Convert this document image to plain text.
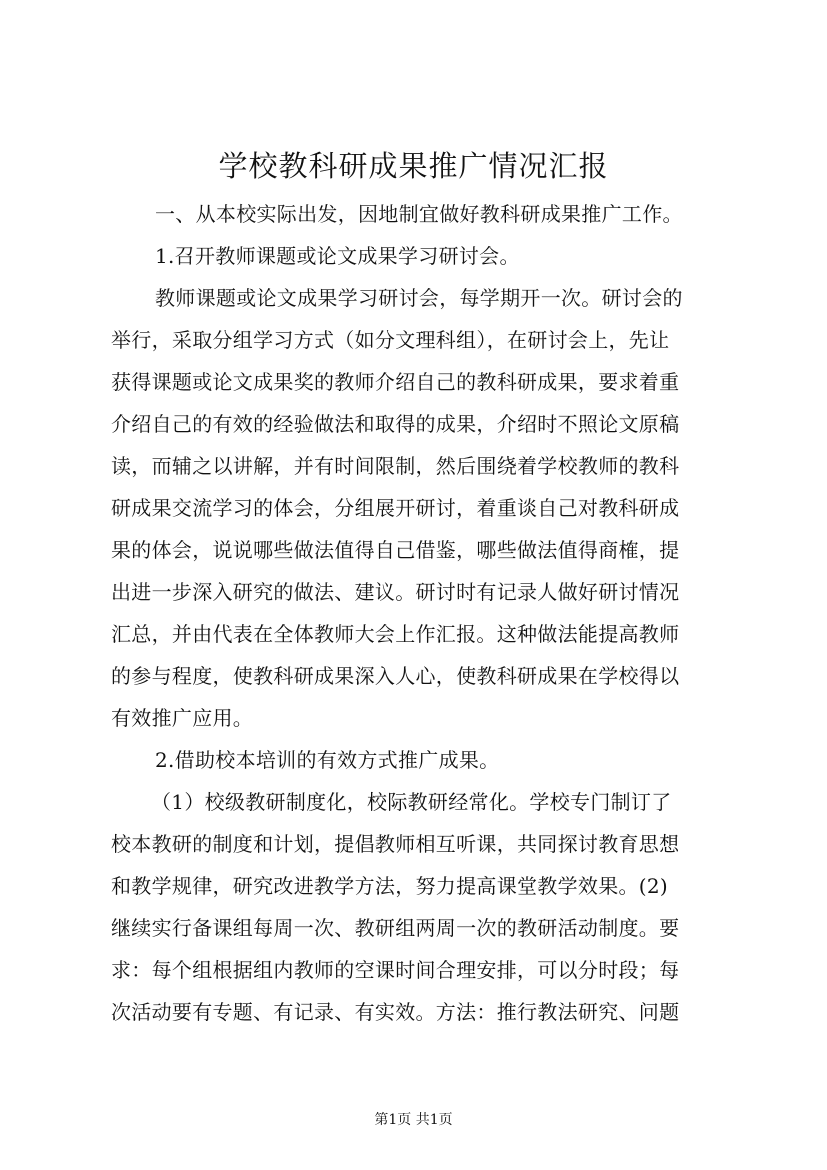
学校教科研成果推广情况汇报
一、从本校实际出发，因地制宜做好教科研成果推广工作。
1.召开教师课题或论文成果学习研讨会。
教师课题或论文成果学习研讨会，每学期开一次。研讨会的
举行，采取分组学习方式（如分文理科组），在研讨会上，先让
获得课题或论文成果奖的教师介绍自己的教科研成果，要求着重
介绍自己的有效的经验做法和取得的成果，介绍时不照论文原稿
读，而辅之以讲解，并有时间限制，然后围绕着学校教师的教科
研成果交流学习的体会，分组展开研讨，着重谈自己对教科研成
果的体会，说说哪些做法值得自己借鉴，哪些做法值得商榷，提
出进一步深入研究的做法、建议。研讨时有记录人做好研讨情况
汇总，并由代表在全体教师大会上作汇报。这种做法能提高教师
的参与程度，使教科研成果深入人心，使教科研成果在学校得以
有效推广应用。
2.借助校本培训的有效方式推广成果。
（1）校级教研制度化，校际教研经常化。学校专门制订了
校本教研的制度和计划，提倡教师相互听课，共同探讨教育思想
和教学规律，研究改进教学方法，努力提高课堂教学效果。(2)
继续实行备课组每周一次、教研组两周一次的教研活动制度。要
求：每个组根据组内教师的空课时间合理安排，可以分时段；每
次活动要有专题、有记录、有实效。方法：推行教法研究、问题
第1页 共1页
